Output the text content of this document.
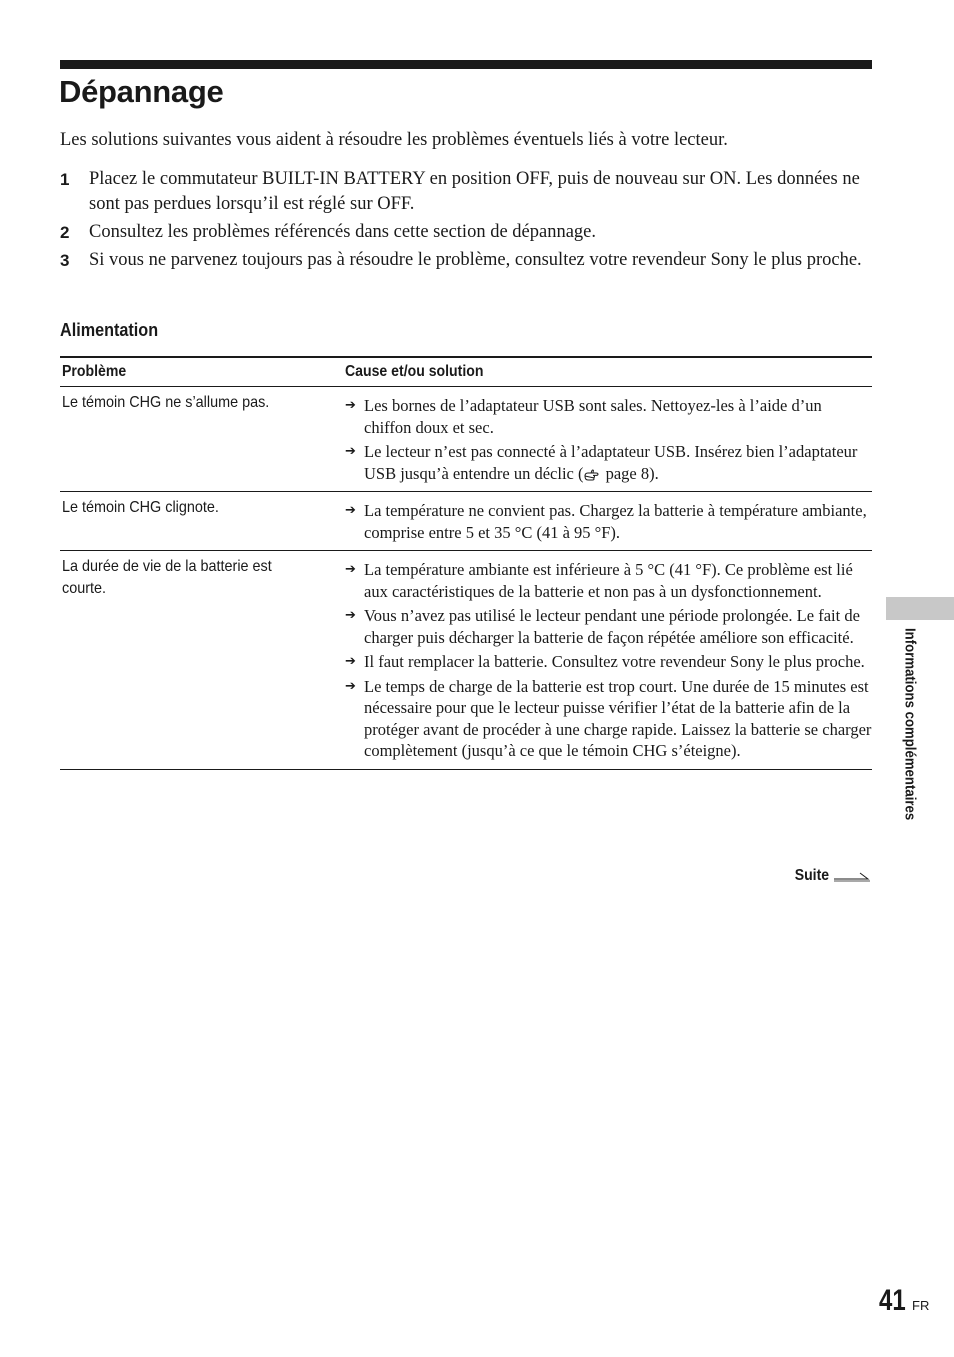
Dépannage

Les solutions suivantes vous aident à résoudre les problèmes éventuels liés à votre lecteur.

1 Placez le commutateur BUILT-IN BATTERY en position OFF, puis de nouveau sur ON. Les données ne sont pas perdues lorsqu’il est réglé sur OFF.
2 Consultez les problèmes référencés dans cette section de dépannage.
3 Si vous ne parvenez toujours pas à résoudre le problème, consultez votre revendeur Sony le plus proche.
Alimentation
Problème	Cause et/ou solution
Le témoin CHG ne s’allume pas.	➔ Les bornes de l’adaptateur USB sont sales. Nettoyez-les à l’aide d’un chiffon doux et sec.
➔ Le lecteur n’est pas connecté à l’adaptateur USB. Insérez bien l’adaptateur USB jusqu’à entendre un déclic ( page 8).
Le témoin CHG clignote.	➔ La température ne convient pas. Chargez la batterie à température ambiante, comprise entre 5 et 35 °C (41 à 95 °F).
La durée de vie de la batterie est courte.
➔ La température ambiante est inférieure à 5 °C (41 °F). Ce problème est lié aux caractéristiques de la batterie et non pas à un dysfonctionnement.
➔ Vous n’avez pas utilisé le lecteur pendant une période prolongée. Le fait de charger puis décharger la batterie de façon répétée améliore son efficacité.
➔ Il faut remplacer la batterie. Consultez votre revendeur Sony le plus proche.
➔ Le temps de charge de la batterie est trop court. Une durée de 15 minutes est nécessaire pour que le lecteur puisse vérifier l’état de la batterie afin de la protéger avant de procéder à une charge rapide. Laissez la batterie se charger complètement (jusqu’à ce que le témoin CHG s’éteigne).
Suite
Informations complémentaires
41 FR
